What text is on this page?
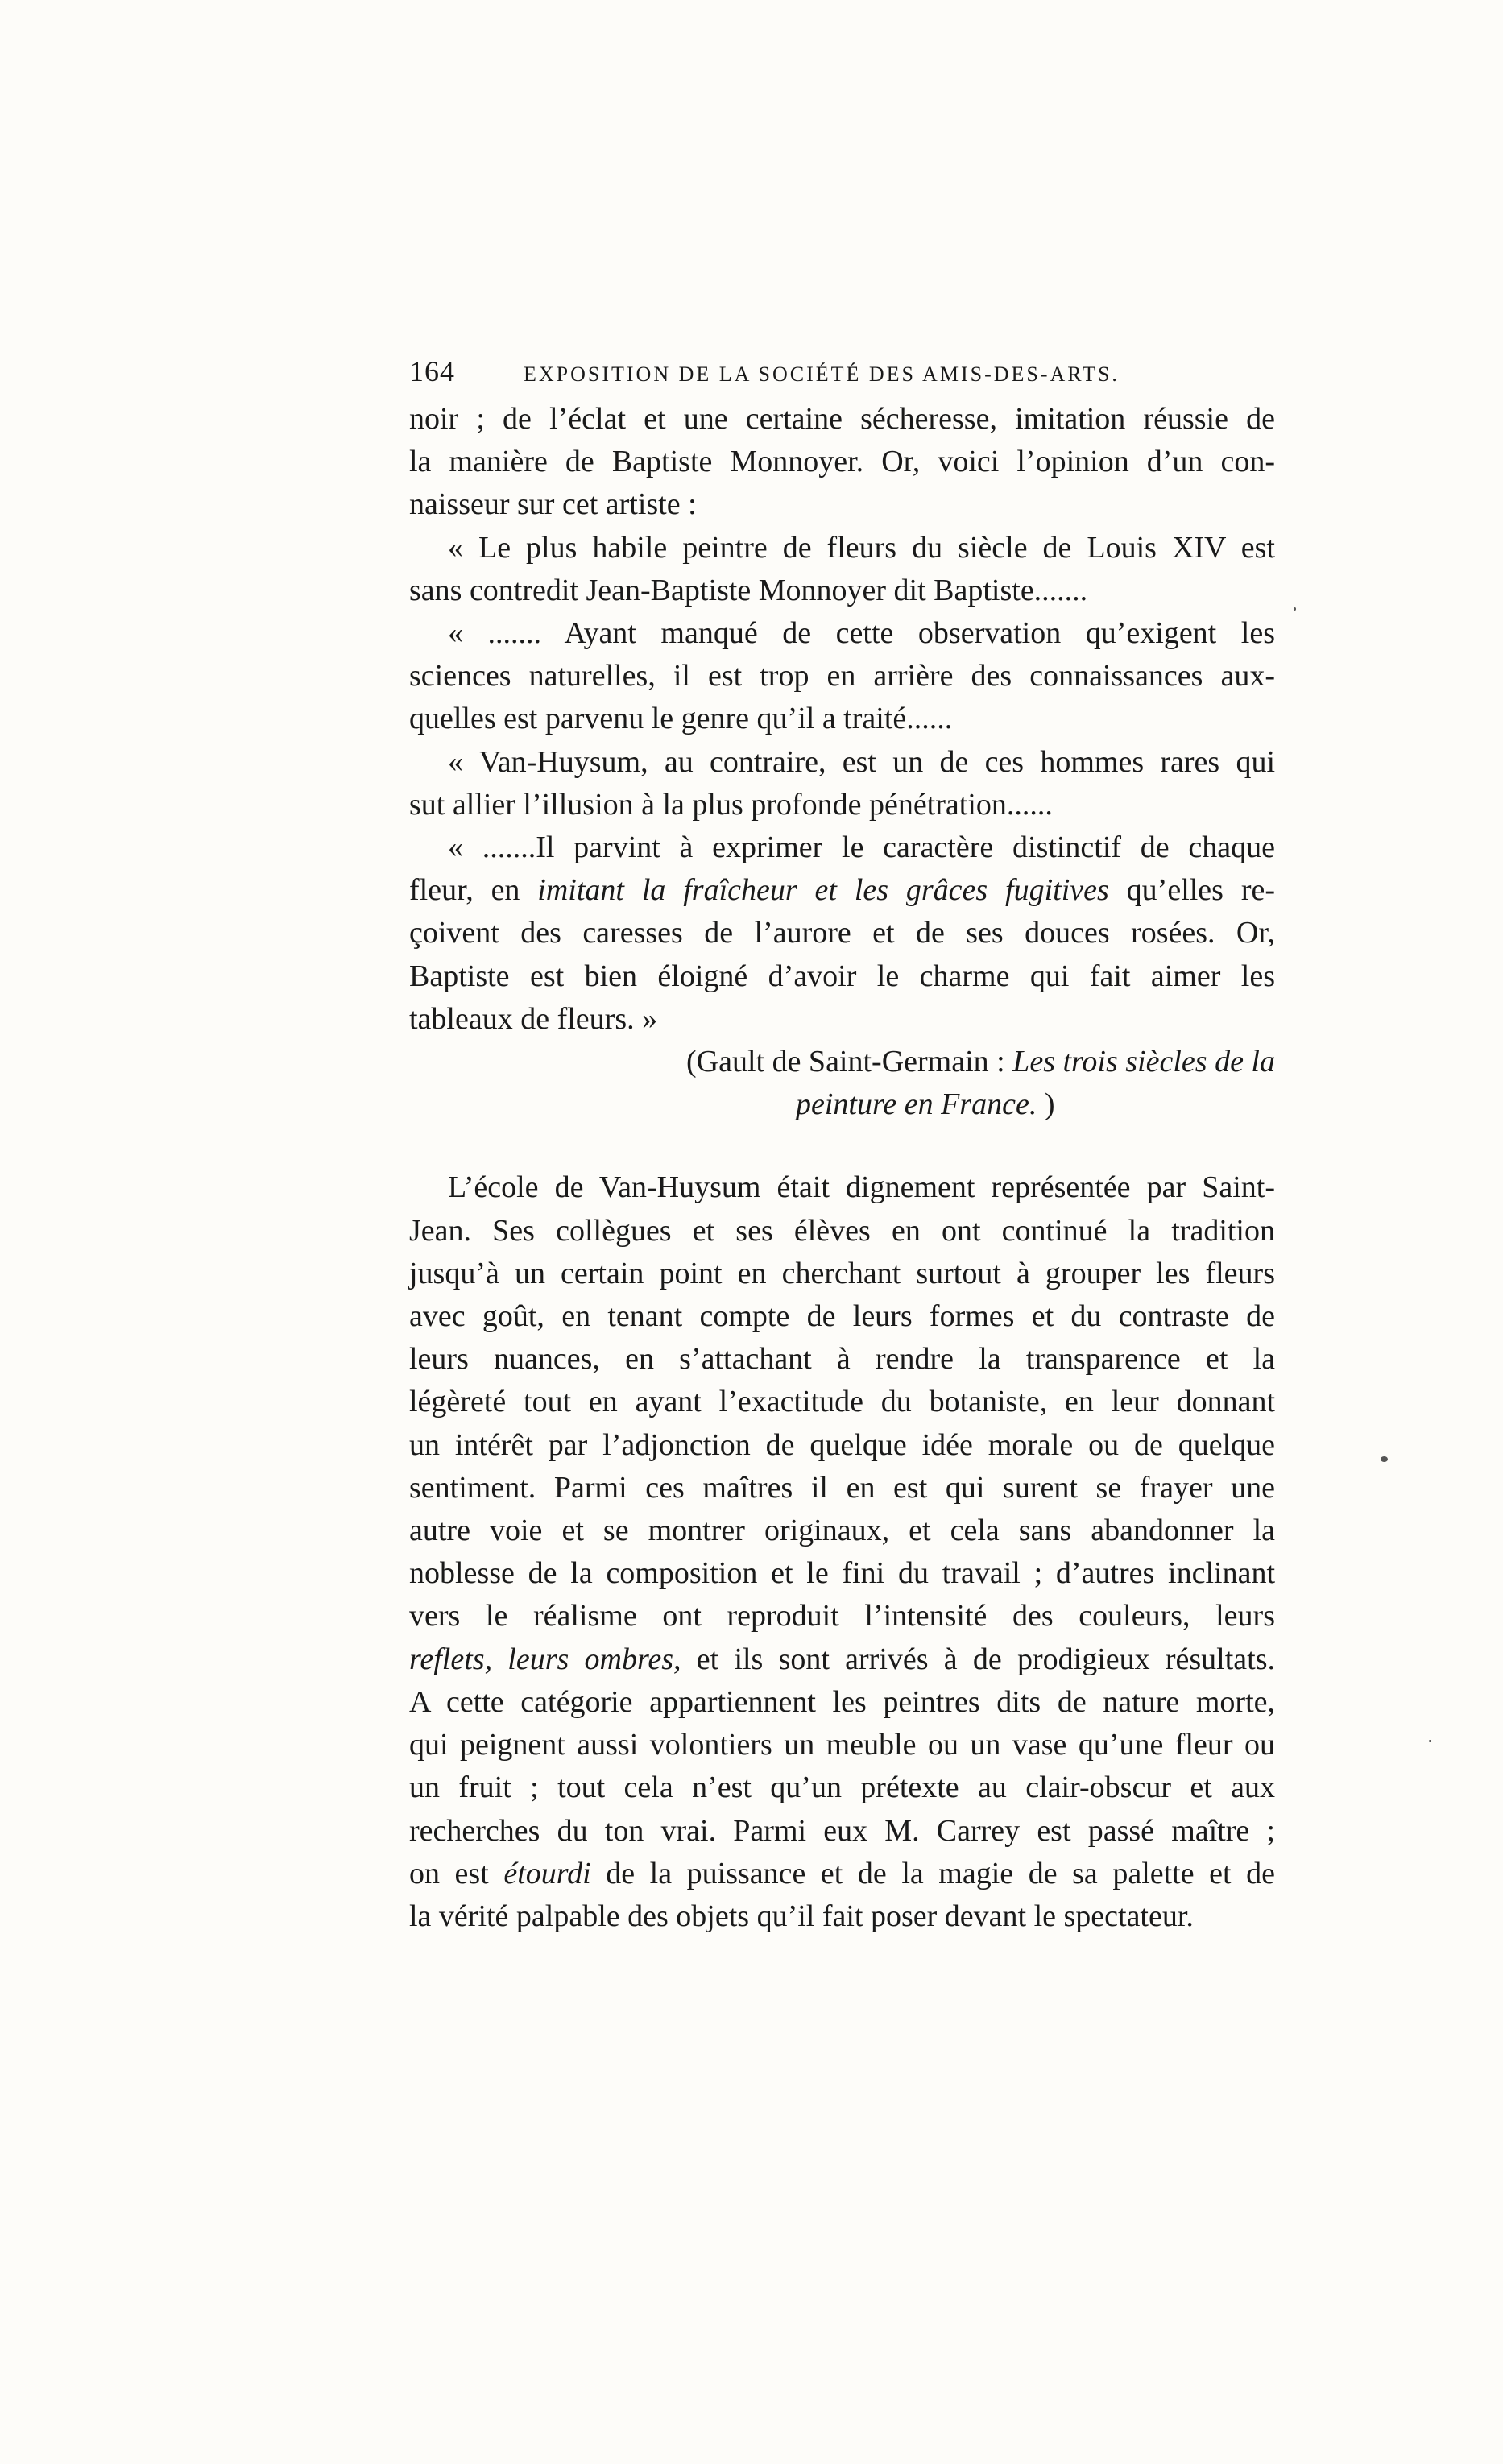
164	EXPOSITION DE LA SOCIÉTÉ DES AMIS-DES-ARTS.
noir ; de l’éclat et une certaine sécheresse, imitation réussie de
la manière de Baptiste Monnoyer. Or, voici l’opinion d’un con-
naisseur sur cet artiste :
« Le plus habile peintre de fleurs du siècle de Louis XIV est
sans contredit Jean-Baptiste Monnoyer dit Baptiste.......
« ....... Ayant manqué de cette observation qu’exigent les
sciences naturelles, il est trop en arrière des connaissances aux-
quelles est parvenu le genre qu’il a traité......
« Van-Huysum, au contraire, est un de ces hommes rares qui
sut allier l’illusion à la plus profonde pénétration......
« .......Il parvint à exprimer le caractère distinctif de chaque
fleur, en imitant la fraîcheur et les grâces fugitives qu’elles re-
çoivent des caresses de l’aurore et de ses douces rosées. Or,
Baptiste est bien éloigné d’avoir le charme qui fait aimer les
tableaux de fleurs. »
(Gault de Saint-Germain : Les trois siècles de la
peinture en France. )
L’école de Van-Huysum était dignement représentée par Saint-
Jean. Ses collègues et ses élèves en ont continué la tradition
jusqu’à un certain point en cherchant surtout à grouper les fleurs
avec goût, en tenant compte de leurs formes et du contraste de
leurs nuances, en s’attachant à rendre la transparence et la
légèreté tout en ayant l’exactitude du botaniste, en leur donnant
un intérêt par l’adjonction de quelque idée morale ou de quelque
sentiment. Parmi ces maîtres il en est qui surent se frayer une
autre voie et se montrer originaux, et cela sans abandonner la
noblesse de la composition et le fini du travail ; d’autres inclinant
vers le réalisme ont reproduit l’intensité des couleurs, leurs
reflets, leurs ombres, et ils sont arrivés à de prodigieux résultats.
A cette catégorie appartiennent les peintres dits de nature morte,
qui peignent aussi volontiers un meuble ou un vase qu’une fleur ou
un fruit ; tout cela n’est qu’un prétexte au clair-obscur et aux
recherches du ton vrai. Parmi eux M. Carrey est passé maître ;
on est étourdi de la puissance et de la magie de sa palette et de
la vérité palpable des objets qu’il fait poser devant le spectateur.
